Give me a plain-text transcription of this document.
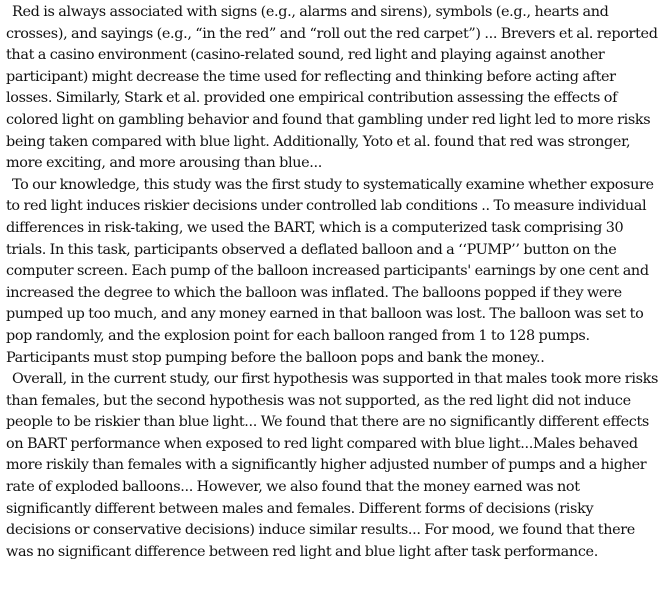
Red is always associated with signs (e.g., alarms and sirens), symbols (e.g., hearts and crosses), and sayings (e.g., “in the red” and “roll out the red carpet”) ... Brevers et al. reported that a casino environment (casino-related sound, red light and playing against another participant) might decrease the time used for reflecting and thinking before acting after losses. Similarly, Stark et al. provided one empirical contribution assessing the effects of colored light on gambling behavior and found that gambling under red light led to more risks being taken compared with blue light. Additionally, Yoto et al. found that red was stronger, more exciting, and more arousing than blue...

To our knowledge, this study was the first study to systematically examine whether exposure to red light induces riskier decisions under controlled lab conditions .. To measure individual differences in risk-taking, we used the BART, which is a computerized task comprising 30 trials. In this task, participants observed a deflated balloon and a ‘‘PUMP’’ button on the computer screen. Each pump of the balloon increased participants' earnings by one cent and increased the degree to which the balloon was inflated. The balloons popped if they were pumped up too much, and any money earned in that balloon was lost. The balloon was set to pop randomly, and the explosion point for each balloon ranged from 1 to 128 pumps. Participants must stop pumping before the balloon pops and bank the money..

Overall, in the current study, our first hypothesis was supported in that males took more risks than females, but the second hypothesis was not supported, as the red light did not induce people to be riskier than blue light... We found that there are no significantly different effects on BART performance when exposed to red light compared with blue light...Males behaved more riskily than females with a significantly higher adjusted number of pumps and a higher rate of exploded balloons... However, we also found that the money earned was not significantly different between males and females. Different forms of decisions (risky decisions or conservative decisions) induce similar results... For mood, we found that there was no significant difference between red light and blue light after task performance.
